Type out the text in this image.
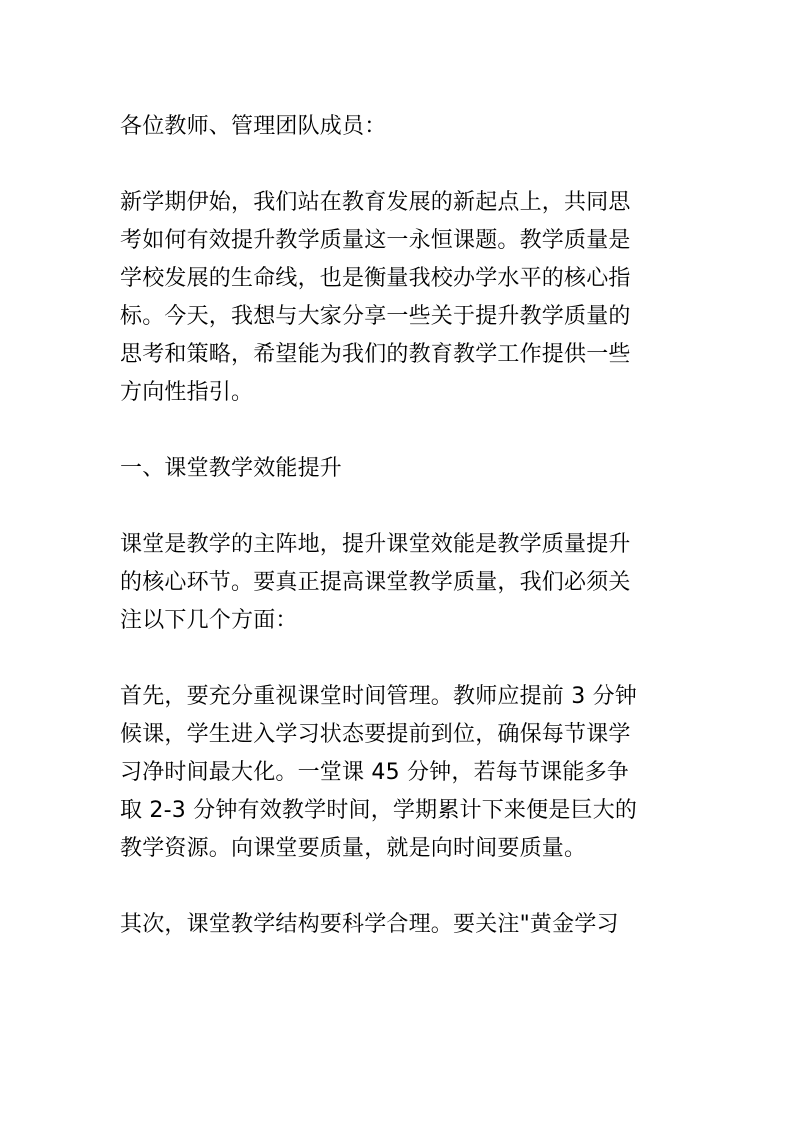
各位教师、管理团队成员：

新学期伊始，我们站在教育发展的新起点上，共同思
考如何有效提升教学质量这一永恒课题。教学质量是
学校发展的生命线，也是衡量我校办学水平的核心指
标。今天，我想与大家分享一些关于提升教学质量的
思考和策略，希望能为我们的教育教学工作提供一些
方向性指引。

一、课堂教学效能提升

课堂是教学的主阵地，提升课堂效能是教学质量提升
的核心环节。要真正提高课堂教学质量，我们必须关
注以下几个方面：

首先，要充分重视课堂时间管理。教师应提前 3 分钟
候课，学生进入学习状态要提前到位，确保每节课学
习净时间最大化。一堂课 45 分钟，若每节课能多争
取 2-3 分钟有效教学时间，学期累计下来便是巨大的
教学资源。向课堂要质量，就是向时间要质量。

其次，课堂教学结构要科学合理。要关注"黄金学习
